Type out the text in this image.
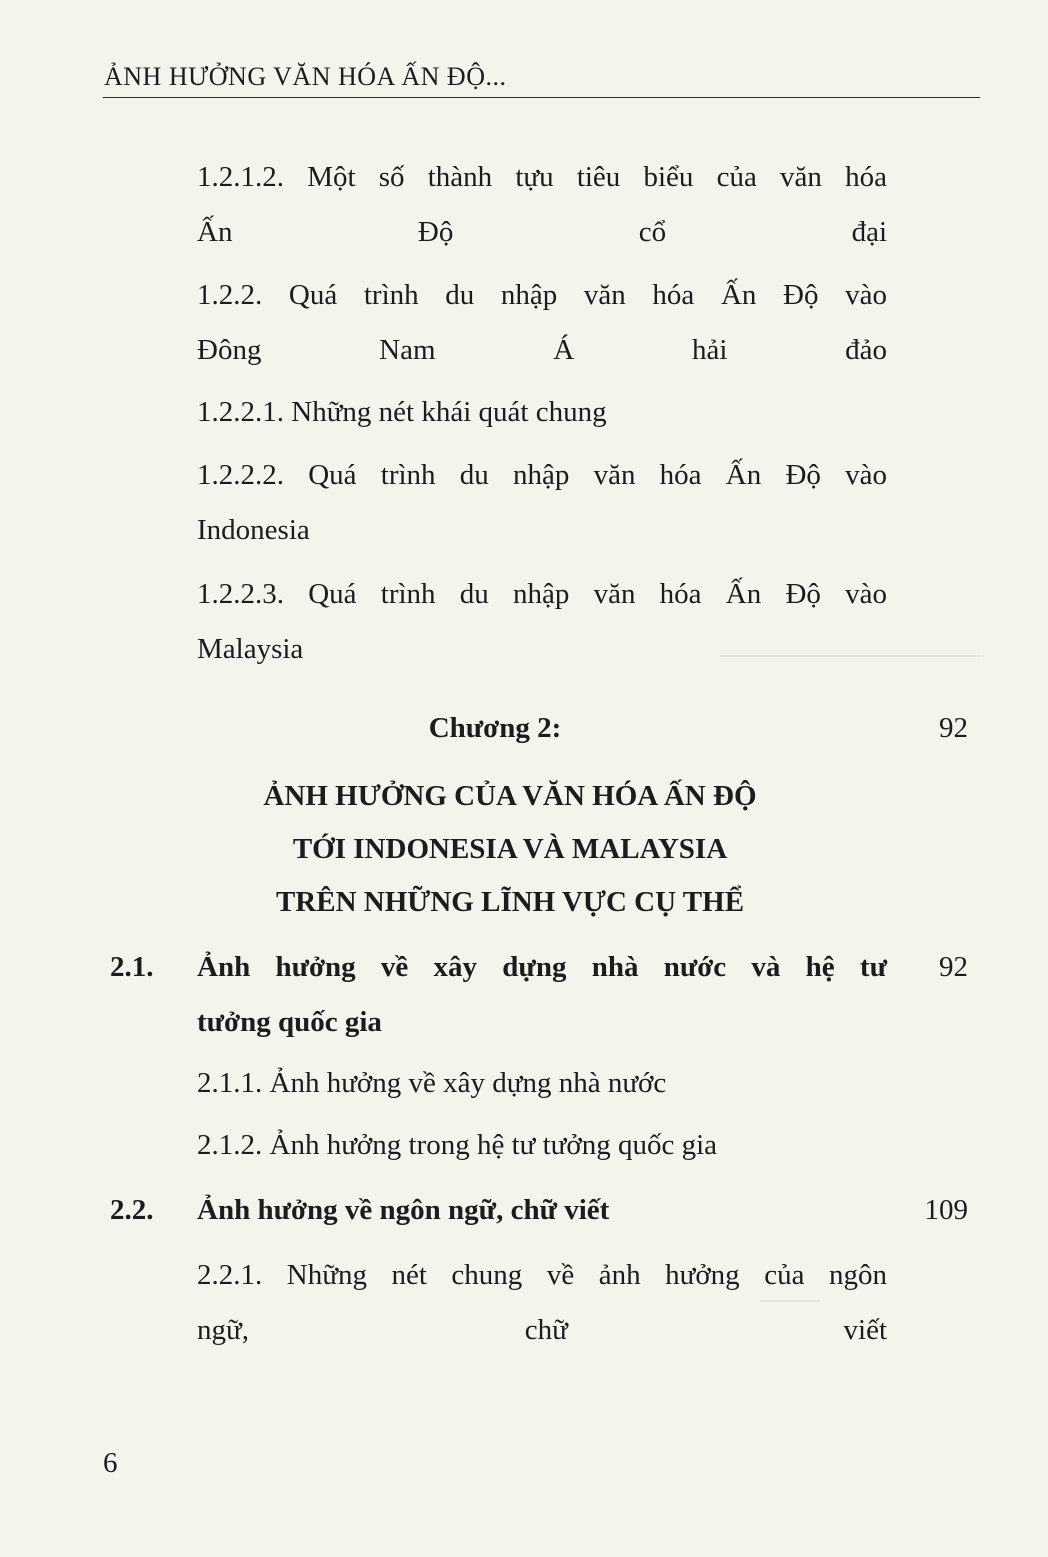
ẢNH HƯỞNG VĂN HÓA ẤN ĐỘ...
1.2.1.2. Một số thành tựu tiêu biểu của văn hóa
Ấn Độ cổ đại
1.2.2. Quá trình du nhập văn hóa Ấn Độ vào
Đông Nam Á hải đảo
1.2.2.1. Những nét khái quát chung
1.2.2.2. Quá trình du nhập văn hóa Ấn Độ vào
Indonesia
1.2.2.3. Quá trình du nhập văn hóa Ấn Độ vào
Malaysia
Chương 2:	92
ẢNH HƯỞNG CỦA VĂN HÓA ẤN ĐỘ
TỚI INDONESIA VÀ MALAYSIA
TRÊN NHỮNG LĨNH VỰC CỤ THỂ
2.1. Ảnh hưởng về xây dựng nhà nước và hệ tư
tưởng quốc gia
92
2.1.1. Ảnh hưởng về xây dựng nhà nước
2.1.2. Ảnh hưởng trong hệ tư tưởng quốc gia
2.2. Ảnh hưởng về ngôn ngữ, chữ viết	109
2.2.1. Những nét chung về ảnh hưởng của ngôn
ngữ, chữ viết
6
